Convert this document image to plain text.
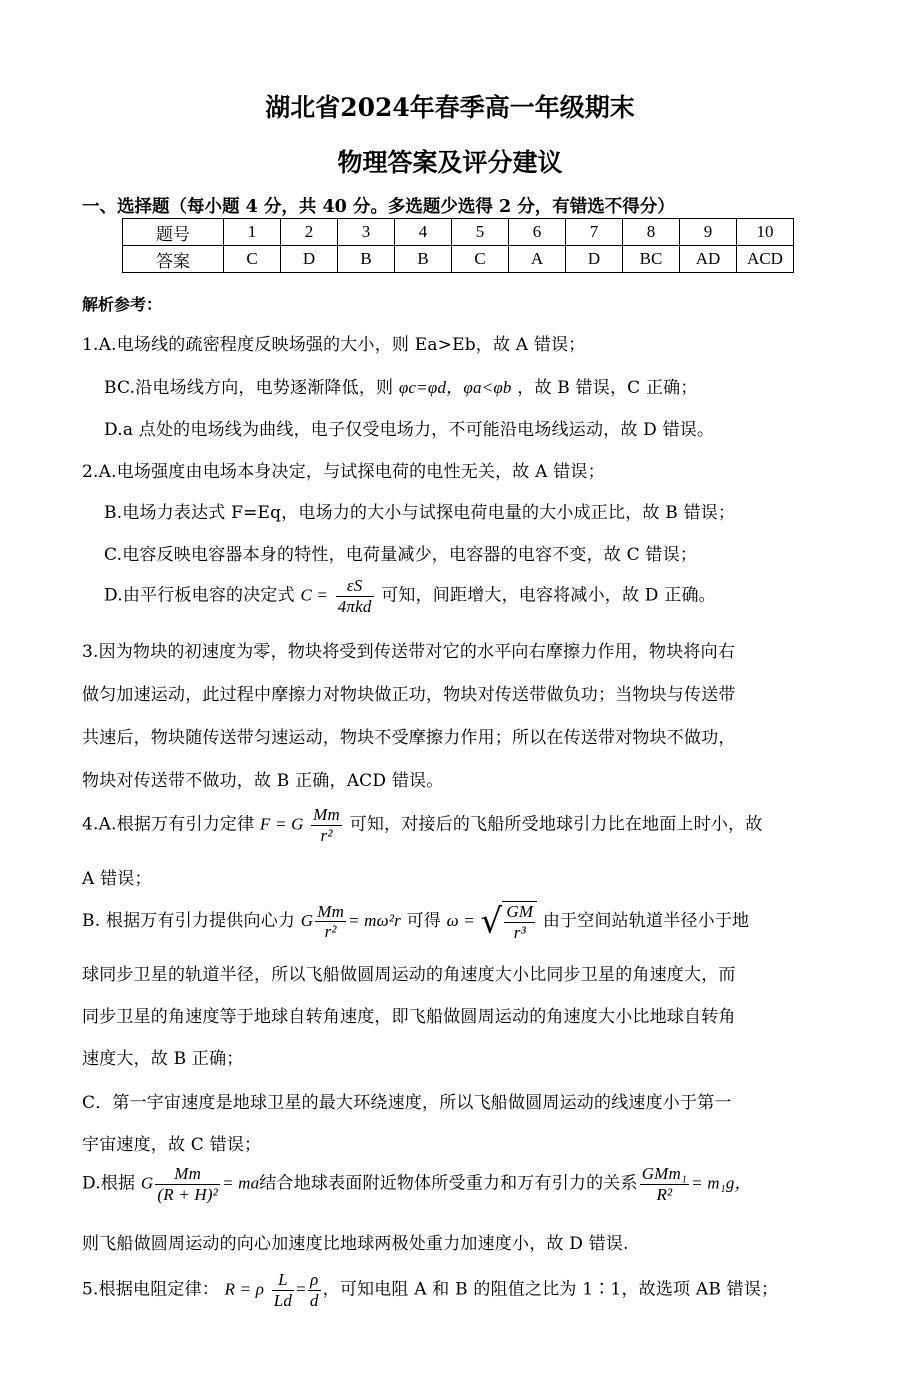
湖北省2024年春季高一年级期末
物理答案及评分建议
一、选择题（每小题 4 分，共 40 分。多选题少选得 2 分，有错选不得分）
题号	1	2	3	4	5	6	7	8	9	10
答案	C	D	B	B	C	A	D	BC	AD	ACD
解析参考：
1.A.电场线的疏密程度反映场强的大小，则 Ea>Eb，故 A 错误；
BC.沿电场线方向，电势逐渐降低，则 φc=φd，φa<φb ，故 B 错误，C 正确；
D.a 点处的电场线为曲线，电子仅受电场力，不可能沿电场线运动，故 D 错误。
2.A.电场强度由电场本身决定，与试探电荷的电性无关，故 A 错误；
B.电场力表达式 F=Eq，电场力的大小与试探电荷电量的大小成正比，故 B 错误；
C.电容反映电容器本身的特性，电荷量减少，电容器的电容不变，故 C 错误；
D.由平行板电容的决定式 $C = \frac{\varepsilon S}{\text{4πkd}}$ 可知，间距增大，电容将减小，故 D 正确。
3.因为物块的初速度为零，物块将受到传送带对它的水平向右摩擦力作用，物块将向右
做匀加速运动，此过程中摩擦力对物块做正功，物块对传送带做负功；当物块与传送带
共速后，物块随传送带匀速运动，物块不受摩擦力作用；所以在传送带对物块不做功，
物块对传送带不做功，故 B 正确，ACD 错误。
4.A.根据万有引力定律 F = G $\frac{Mm}{\text{r²}}$ 可知，对接后的飞船所受地球引力比在地面上时小，故
A 错误；
B. 根据万有引力提供向心力 G $\frac{Mm}{\text{r²}} = m\omega^2r$ 可得 ω = √ $\frac{GM}{\text{r³}}$ 由于空间站轨道半径小于地
球同步卫星的轨道半径，所以飞船做圆周运动的角速度大小比同步卫星的角速度大，而
同步卫星的角速度等于地球自转角速度，即飞船做圆周运动的角速度大小比地球自转角
速度大，故 B 正确；
C．第一宇宙速度是地球卫星的最大环绕速度，所以飞船做圆周运动的线速度小于第一
宇宙速度，故 C 错误；
D.根据 G $\frac{Mm}{\text{(R + H)²}}$ = ma结合地球表面附近物体所受重力和万有引力的关系 $\frac{\text{GMm₁}}{\text{R²}} = m_1g$，
则飞船做圆周运动的向心加速度比地球两极处重力加速度小，故 D 错误.
5.根据电阻定律： R = ρ $\frac{L}{Ld} = \frac{\rho}{d}$ ，可知电阻 A 和 B 的阻值之比为 1∶1，故选项 AB 错误；
